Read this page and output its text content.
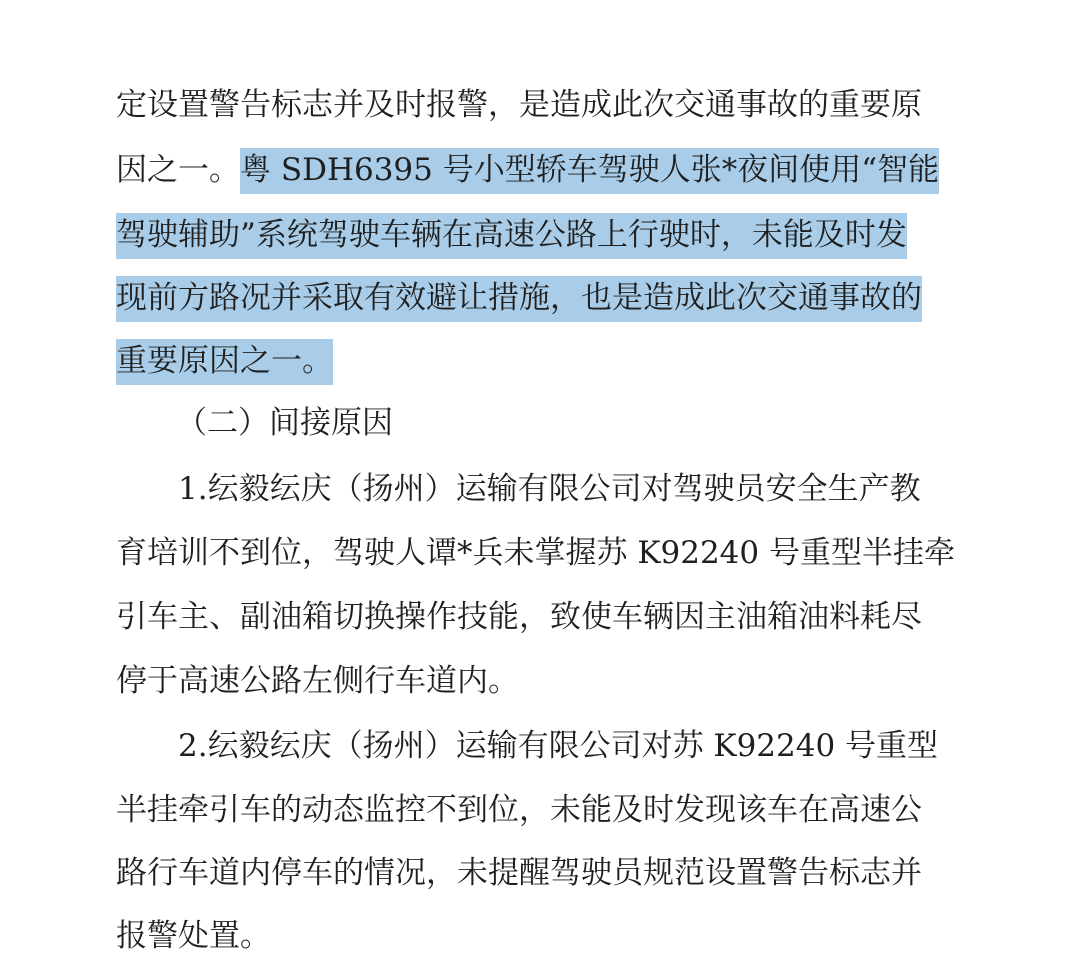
定设置警告标志并及时报警，是造成此次交通事故的重要原
因之一。粤 SDH6395 号小型轿车驾驶人张*夜间使用“智能
驾驶辅助”系统驾驶车辆在高速公路上行驶时，未能及时发
现前方路况并采取有效避让措施，也是造成此次交通事故的
重要原因之一。
（二）间接原因
1.纭毅纭庆（扬州）运输有限公司对驾驶员安全生产教
育培训不到位，驾驶人谭*兵未掌握苏 K92240 号重型半挂牵
引车主、副油箱切换操作技能，致使车辆因主油箱油料耗尽
停于高速公路左侧行车道内。
2.纭毅纭庆（扬州）运输有限公司对苏 K92240 号重型
半挂牵引车的动态监控不到位，未能及时发现该车在高速公
路行车道内停车的情况，未提醒驾驶员规范设置警告标志并
报警处置。
